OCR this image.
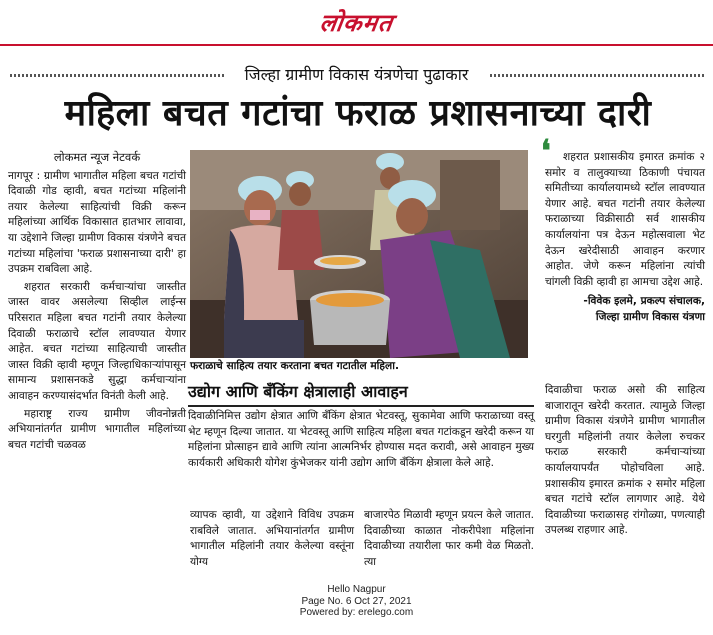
लोकमत
जिल्हा ग्रामीण विकास यंत्रणेचा पुढाकार
महिला बचत गटांचा फराळ प्रशासनाच्या दारी
लोकमत न्यूज नेटवर्क

नागपूर : ग्रामीण भागातील महिला बचत गटांची दिवाळी गोड व्हावी, बचत गटांच्या महिलांनी तयार केलेल्या साहित्यांची विक्री करून महिलांच्या आर्थिक विकासात हातभार लावावा, या उद्देशाने जिल्हा ग्रामीण विकास यंत्रणेने बचत गटांच्या महिलांचा 'फराळ प्रशासनाच्या दारी' हा उपक्रम राबविला आहे.

शहरात सरकारी कर्मचाऱ्यांचा जास्तीत जास्त वावर असलेल्या सिव्हील लाईन्स परिसरात महिला बचत गटांनी तयार केलेल्या दिवाळी फराळाचे स्टॉल लावण्यात येणार आहेत. बचत गटांच्या साहित्याची जास्तीत जास्त विक्री व्हावी म्हणून जिल्हाधिकाऱ्यांपासून सामान्य प्रशासनकडे सुद्धा कर्मचाऱ्यांना आवाहन करण्यासंदर्भात विनंती केली आहे.

महाराष्ट्र राज्य ग्रामीण जीवनोन्नती अभियानांतर्गत ग्रामीण भागातील महिलांच्या बचत गटांची चळवळ

फराळाचे साहित्य तयार करताना बचत गटातील महिला.
❛	शहरात प्रशासकीय इमारत क्रमांक २ समोर व तालुक्याच्या ठिकाणी पंचायत समितीच्या कार्यालयामध्ये स्टॉल लावण्यात येणार आहे. बचत गटांनी तयार केलेल्या फराळाच्या विक्रीसाठी सर्व शासकीय कार्यालयांना पत्र देऊन महोत्सवाला भेट देऊन खरेदीसाठी आवाहन करणार आहोत. जेणे करून महिलांना त्यांची चांगली विक्री व्हावी हा आमचा उद्देश आहे.
-विवेक इलमे, प्रकल्प संचालक,
जिल्हा ग्रामीण विकास यंत्रणा
उद्योग आणि बँकिंग क्षेत्रालाही आवाहन
दिवाळीनिमित्त उद्योग क्षेत्रात आणि बँकिंग क्षेत्रात भेटवस्तू, सुकामेवा आणि फराळाच्या वस्तू भेट म्हणून दिल्या जातात. या भेटवस्तू आणि साहित्य महिला बचत गटांकडून खरेदी करून या महिलांना प्रोत्साहन द्यावे आणि त्यांना आत्मनिर्भर होण्यास मदत करावी, असे आवाहन मुख्य कार्यकारी अधिकारी योगेश कुंभेजकर यांनी उद्योग आणि बँकिंग क्षेत्राला केले आहे.
व्यापक व्हावी, या उद्देशाने विविध उपक्रम राबविले जातात. अभियानांतर्गत ग्रामीण भागातील महिलांनी तयार केलेल्या वस्तूंना योग्य
बाजारपेठ मिळावी म्हणून प्रयत्न केले जातात. दिवाळीच्या काळात नोकरीपेशा महिलांना दिवाळीच्या तयारीला फार कमी वेळ मिळतो. त्या
दिवाळीचा फराळ असो की साहित्य बाजारातून खरेदी करतात. त्यामुळे जिल्हा ग्रामीण विकास यंत्रणेने ग्रामीण भागातील घरगुती महिलांनी तयार केलेला रुचकर फराळ सरकारी कर्मचाऱ्यांच्या कार्यालयापर्यंत पोहोचविला आहे. प्रशासकीय इमारत क्रमांक २ समोर महिला बचत गटांचे स्टॉल लागणार आहे. येथे दिवाळीच्या फराळासह रांगोळ्या, पणत्याही उपलब्ध राहणार आहे.
Hello Nagpur
Page No. 6 Oct 27, 2021
Powered by: erelego.com
